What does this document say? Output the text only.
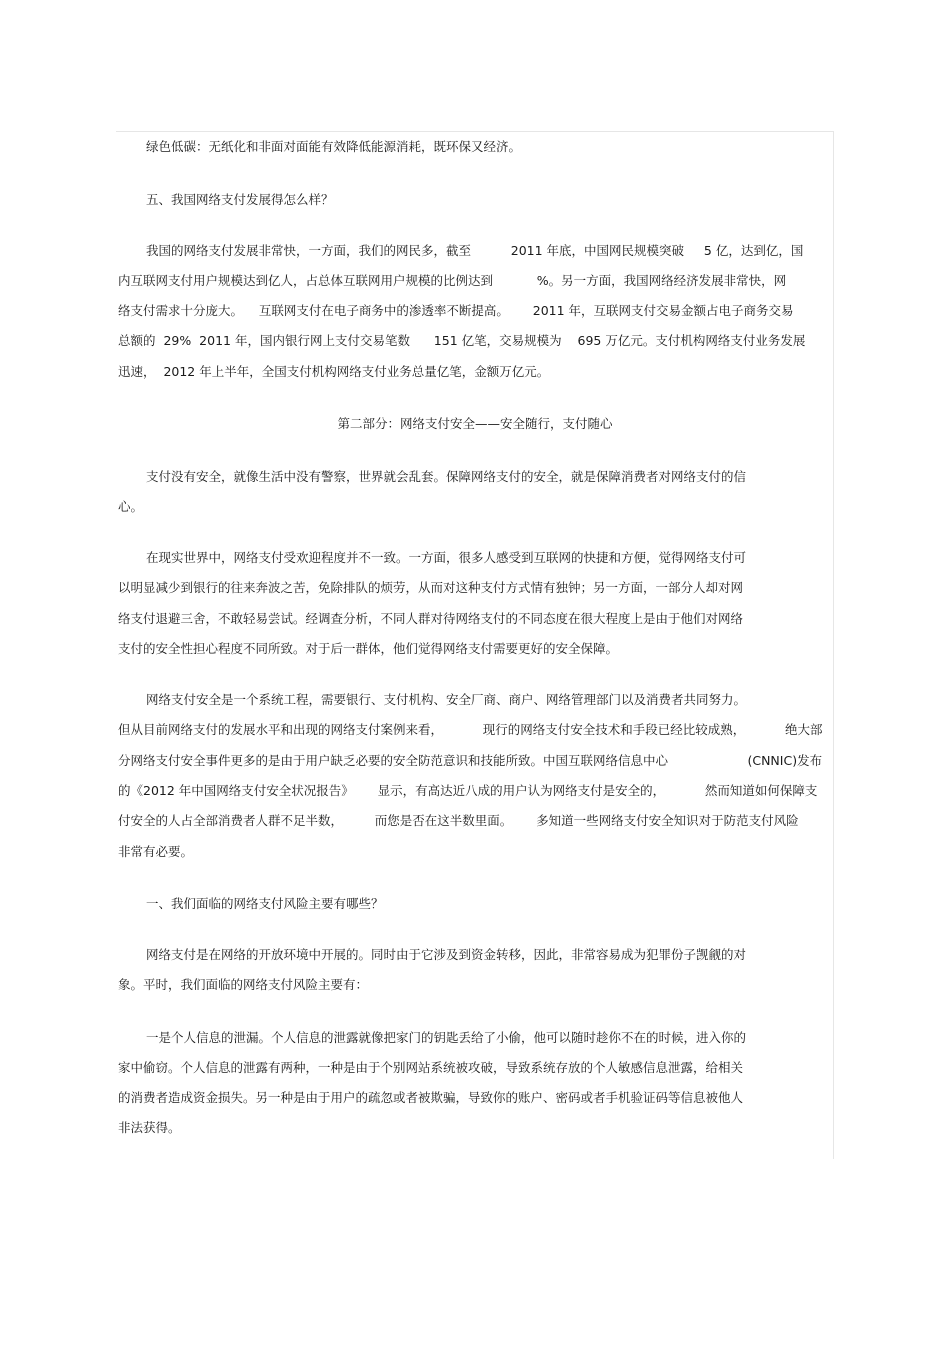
绿色低碳：无纸化和非面对面能有效降低能源消耗，既环保又经济。

五、我国网络支付发展得怎么样？

我国的网络支付发展非常快，一方面，我们的网民多，截至          2011 年底，中国网民规模突破     5 亿，达到亿，国

内互联网支付用户规模达到亿人，占总体互联网用户规模的比例达到           %。另一方面，我国网络经济发展非常快，网

络支付需求十分庞大。    互联网支付在电子商务中的渗透率不断提高。      2011 年，互联网支付交易金额占电子商务交易

总额的  29%  2011 年，国内银行网上支付交易笔数      151 亿笔，交易规模为    695 万亿元。支付机构网络支付业务发展

迅速，  2012 年上半年，全国支付机构网络支付业务总量亿笔，金额万亿元。

第二部分：网络支付安全——安全随行，支付随心

支付没有安全，就像生活中没有警察，世界就会乱套。保障网络支付的安全，就是保障消费者对网络支付的信

心。

在现实世界中，网络支付受欢迎程度并不一致。一方面，很多人感受到互联网的快捷和方便，觉得网络支付可

以明显减少到银行的往来奔波之苦，免除排队的烦劳，从而对这种支付方式情有独钟；另一方面，一部分人却对网

络支付退避三舍，不敢轻易尝试。经调查分析，不同人群对待网络支付的不同态度在很大程度上是由于他们对网络

支付的安全性担心程度不同所致。对于后一群体，他们觉得网络支付需要更好的安全保障。

网络支付安全是一个系统工程，需要银行、支付机构、安全厂商、商户、网络管理部门以及消费者共同努力。

但从目前网络支付的发展水平和出现的网络支付案例来看，          现行的网络支付安全技术和手段已经比较成熟，          绝大部

分网络支付安全事件更多的是由于用户缺乏必要的安全防范意识和技能所致。中国互联网络信息中心                    (CNNIC)发布

的《2012 年中国网络支付安全状况报告》      显示，有高达近八成的用户认为网络支付是安全的，          然而知道如何保障支

付安全的人占全部消费者人群不足半数，        而您是否在这半数里面。      多知道一些网络支付安全知识对于防范支付风险

非常有必要。

一、我们面临的网络支付风险主要有哪些？

网络支付是在网络的开放环境中开展的。同时由于它涉及到资金转移，因此，非常容易成为犯罪份子觊觎的对

象。平时，我们面临的网络支付风险主要有：

一是个人信息的泄漏。个人信息的泄露就像把家门的钥匙丢给了小偷，他可以随时趁你不在的时候，进入你的

家中偷窃。个人信息的泄露有两种，一种是由于个别网站系统被攻破，导致系统存放的个人敏感信息泄露，给相关

的消费者造成资金损失。另一种是由于用户的疏忽或者被欺骗，导致你的账户、密码或者手机验证码等信息被他人

非法获得。
